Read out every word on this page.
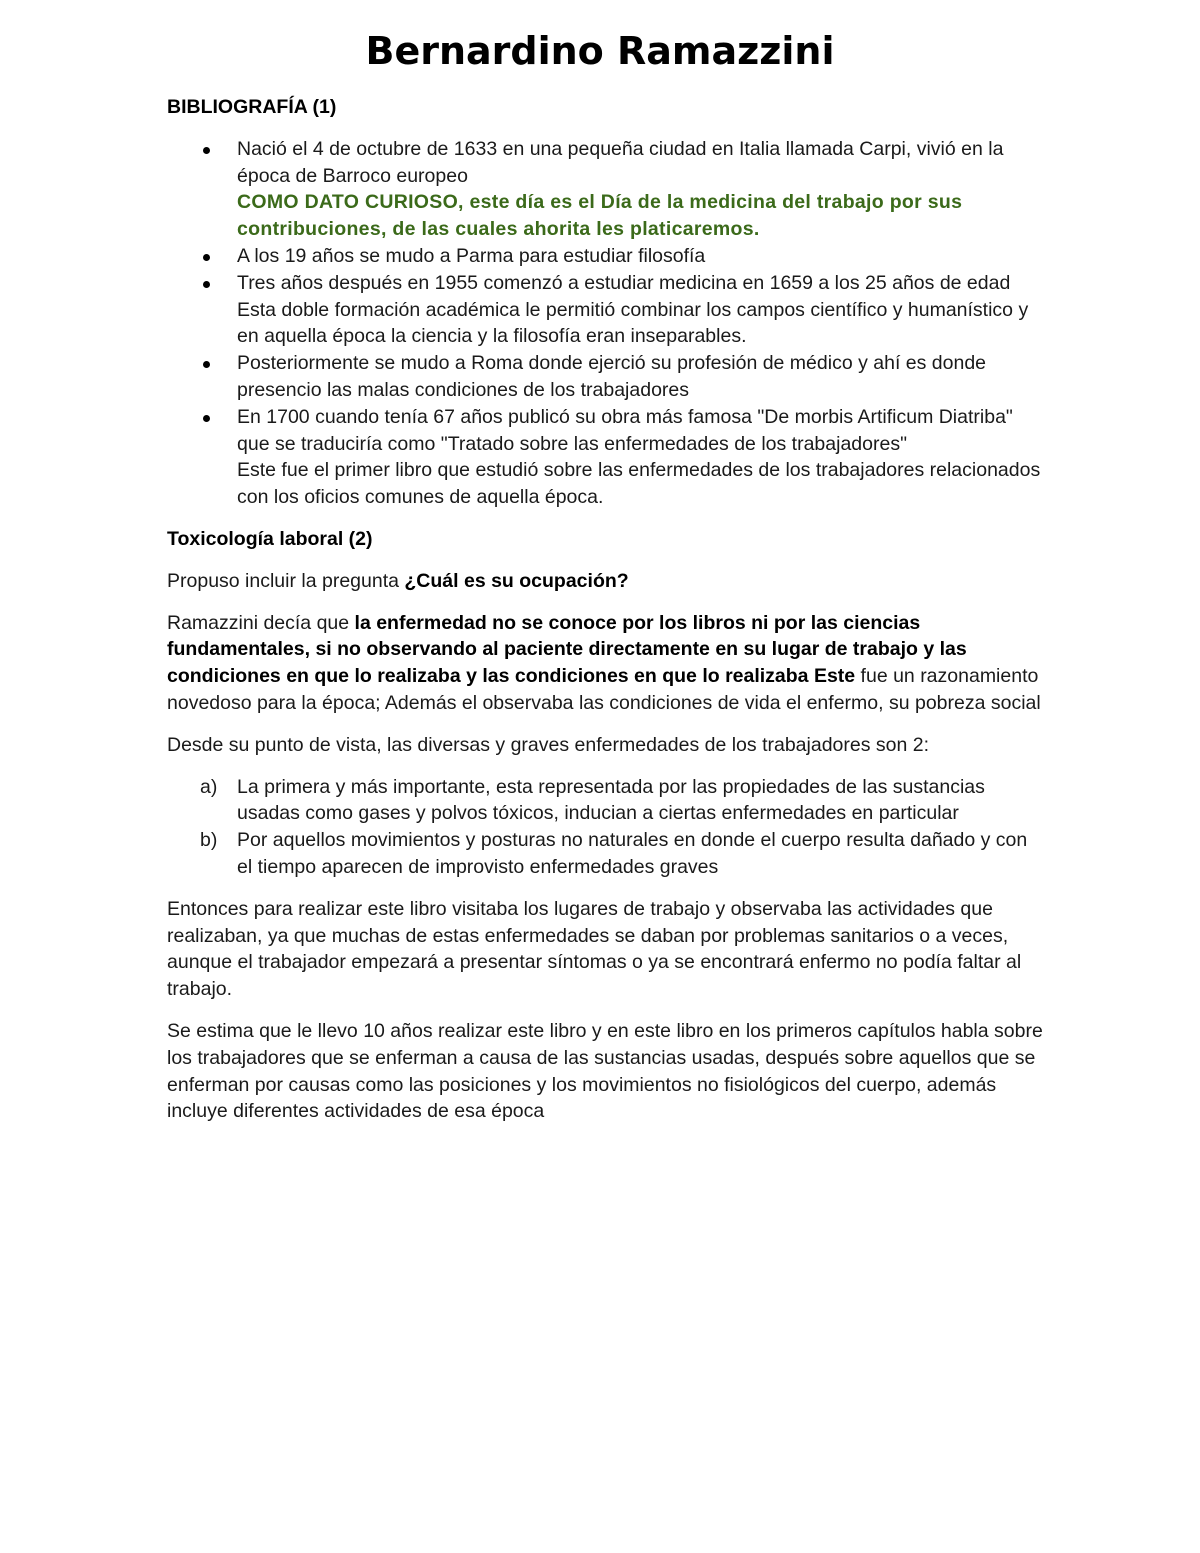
Bernardino Ramazzini

BIBLIOGRAFÍA (1)

Nació el 4 de octubre de 1633 en una pequeña ciudad en Italia llamada Carpi, vivió en la época de Barroco europeo
COMO DATO CURIOSO, este día es el Día de la medicina del trabajo por sus contribuciones, de las cuales ahorita les platicaremos.
A los 19 años se mudo a Parma para estudiar filosofía
Tres años después en 1955 comenzó a estudiar medicina en 1659 a los 25 años de edad
Esta doble formación académica le permitió combinar los campos científico y humanístico y en aquella época la ciencia y la filosofía eran inseparables.
Posteriormente se mudo a Roma donde ejerció su profesión de médico y ahí es donde presencio las malas condiciones de los trabajadores
En 1700 cuando tenía 67 años publicó su obra más famosa "De morbis Artificum Diatriba" que se traduciría como "Tratado sobre las enfermedades de los trabajadores"
Este fue el primer libro que estudió sobre las enfermedades de los trabajadores relacionados con los oficios comunes de aquella época.

Toxicología laboral (2)

Propuso incluir la pregunta ¿Cuál es su ocupación?

Ramazzini decía que la enfermedad no se conoce por los libros ni por las ciencias fundamentales, si no observando al paciente directamente en su lugar de trabajo y las condiciones en que lo realizaba y las condiciones en que lo realizaba Este fue un razonamiento novedoso para la época; Además el observaba las condiciones de vida el enfermo, su pobreza social

Desde su punto de vista, las diversas y graves enfermedades de los trabajadores son 2:

a) La primera y más importante, esta representada por las propiedades de las sustancias usadas como gases y polvos tóxicos, inducian a ciertas enfermedades en particular
b) Por aquellos movimientos y posturas no naturales en donde el cuerpo resulta dañado y con el tiempo aparecen de improvisto enfermedades graves

Entonces para realizar este libro visitaba los lugares de trabajo y observaba las actividades que realizaban, ya que muchas de estas enfermedades se daban por problemas sanitarios o a veces, aunque el trabajador empezará a presentar síntomas o ya se encontrará enfermo no podía faltar al trabajo.

Se estima que le llevo 10 años realizar este libro y en este libro en los primeros capítulos habla sobre los trabajadores que se enferman a causa de las sustancias usadas, después sobre aquellos que se enferman por causas como las posiciones y los movimientos no fisiológicos del cuerpo, además incluye diferentes actividades de esa época
